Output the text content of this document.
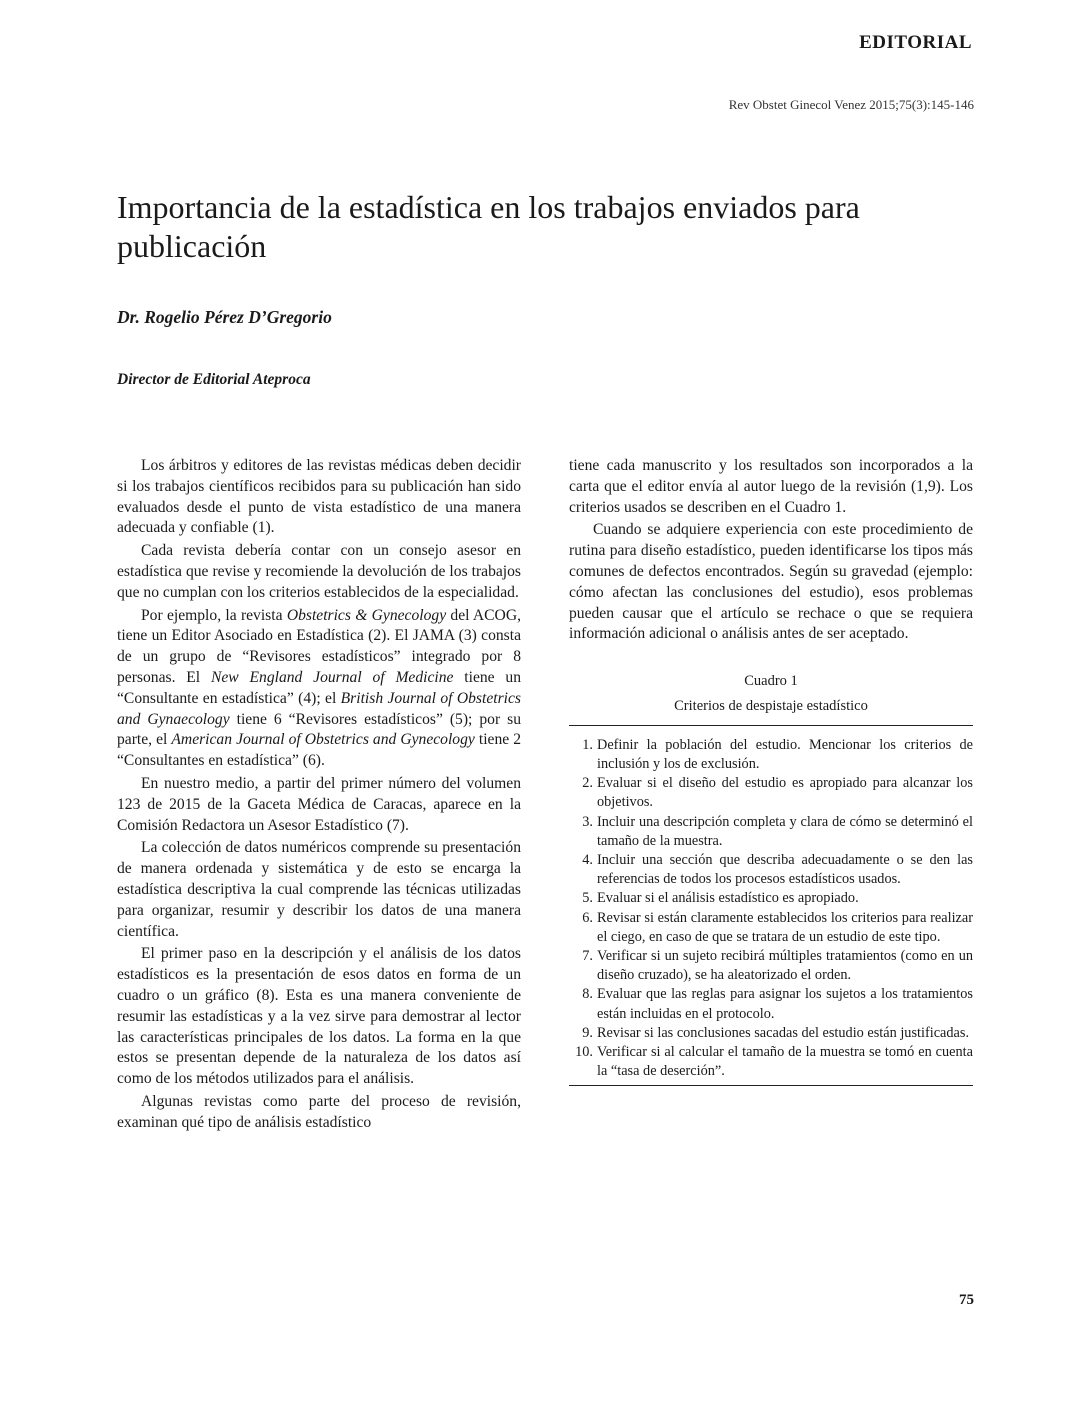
EDITORIAL
Rev Obstet Ginecol Venez 2015;75(3):145-146
Importancia de la estadística en los trabajos enviados para publicación
Dr. Rogelio Pérez D’Gregorio
Director de Editorial Ateproca

Los árbitros y editores de las revistas médicas deben decidir si los trabajos científicos recibidos para su publicación han sido evaluados desde el punto de vista estadístico de una manera adecuada y confiable (1).

Cada revista debería contar con un consejo asesor en estadística que revise y recomiende la devolución de los trabajos que no cumplan con los criterios establecidos de la especialidad.

Por ejemplo, la revista Obstetrics & Gynecology del ACOG, tiene un Editor Asociado en Estadística (2). El JAMA (3) consta de un grupo de “Revisores estadísticos” integrado por 8 personas. El New England Journal of Medicine tiene un “Consultante en estadística” (4); el British Journal of Obstetrics and Gynaecology tiene 6 “Revisores estadísticos” (5); por su parte, el American Journal of Obstetrics and Gynecology tiene 2 “Consultantes en estadística” (6).

En nuestro medio, a partir del primer número del volumen 123 de 2015 de la Gaceta Médica de Caracas, aparece en la Comisión Redactora un Asesor Estadístico (7).

La colección de datos numéricos comprende su presentación de manera ordenada y sistemática y de esto se encarga la estadística descriptiva la cual comprende las técnicas utilizadas para organizar, resumir y describir los datos de una manera científica.

El primer paso en la descripción y el análisis de los datos estadísticos es la presentación de esos datos en forma de un cuadro o un gráfico (8). Esta es una manera conveniente de resumir las estadísticas y a la vez sirve para demostrar al lector las características principales de los datos. La forma en la que estos se presentan depende de la naturaleza de los datos así como de los métodos utilizados para el análisis.

Algunas revistas como parte del proceso de revisión, examinan qué tipo de análisis estadístico

tiene cada manuscrito y los resultados son incorporados a la carta que el editor envía al autor luego de la revisión (1,9). Los criterios usados se describen en el Cuadro 1.

Cuando se adquiere experiencia con este procedimiento de rutina para diseño estadístico, pueden identificarse los tipos más comunes de defectos encontrados. Según su gravedad (ejemplo: cómo afectan las conclusiones del estudio), esos problemas pueden causar que el artículo se rechace o que se requiera información adicional o análisis antes de ser aceptado.

Cuadro 1
Criterios de despistaje estadístico
1. Definir la población del estudio. Mencionar los criterios de inclusión y los de exclusión.
2. Evaluar si el diseño del estudio es apropiado para alcanzar los objetivos.
3. Incluir una descripción completa y clara de cómo se determinó el tamaño de la muestra.
4. Incluir una sección que describa adecuadamente o se den las referencias de todos los procesos estadísticos usados.
5. Evaluar si el análisis estadístico es apropiado.
6. Revisar si están claramente establecidos los criterios para realizar el ciego, en caso de que se tratara de un estudio de este tipo.
7. Verificar si un sujeto recibirá múltiples tratamientos (como en un diseño cruzado), se ha aleatorizado el orden.
8. Evaluar que las reglas para asignar los sujetos a los tratamientos están incluidas en el protocolo.
9. Revisar si las conclusiones sacadas del estudio están justificadas.
10. Verificar si al calcular el tamaño de la muestra se tomó en cuenta la “tasa de deserción”.
75
